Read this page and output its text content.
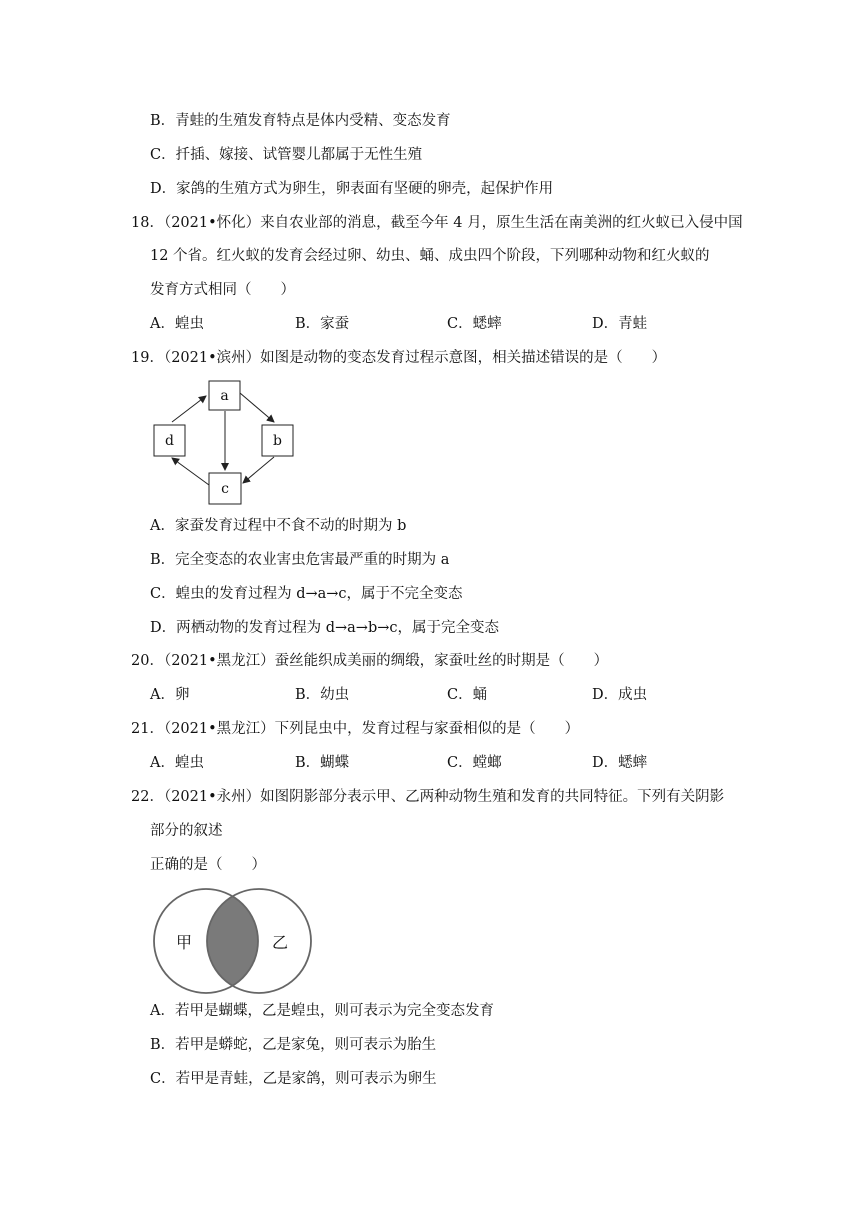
B．青蛙的生殖发育特点是体内受精、变态发育
C．扦插、嫁接、试管婴儿都属于无性生殖
D．家鸽的生殖方式为卵生，卵表面有坚硬的卵壳，起保护作用
18．（2021•怀化）来自农业部的消息，截至今年 4 月，原生生活在南美洲的红火蚁已入侵中国
12 个省。红火蚁的发育会经过卵、幼虫、蛹、成虫四个阶段，下列哪种动物和红火蚁的
发育方式相同（　　）
A．蝗虫	B．家蚕	C．蟋蟀	D．青蛙
19．（2021•滨州）如图是动物的变态发育过程示意图，相关描述错误的是（　　）
a
b
c
d
A．家蚕发育过程中不食不动的时期为 b
B．完全变态的农业害虫危害最严重的时期为 a
C．蝗虫的发育过程为 d→a→c，属于不完全变态
D．两栖动物的发育过程为 d→a→b→c，属于完全变态
20．（2021•黑龙江）蚕丝能织成美丽的绸缎，家蚕吐丝的时期是（　　）
A．卵	B．幼虫	C．蛹	D．成虫
21．（2021•黑龙江）下列昆虫中，发育过程与家蚕相似的是（　　）
A．蝗虫	B．蝴蝶	C．螳螂	D．蟋蟀
22．（2021•永州）如图阴影部分表示甲、乙两种动物生殖和发育的共同特征。下列有关阴影
部分的叙述
正确的是（　　）
甲	乙
A．若甲是蝴蝶，乙是蝗虫，则可表示为完全变态发育
B．若甲是蟒蛇，乙是家兔，则可表示为胎生
C．若甲是青蛙，乙是家鸽，则可表示为卵生
